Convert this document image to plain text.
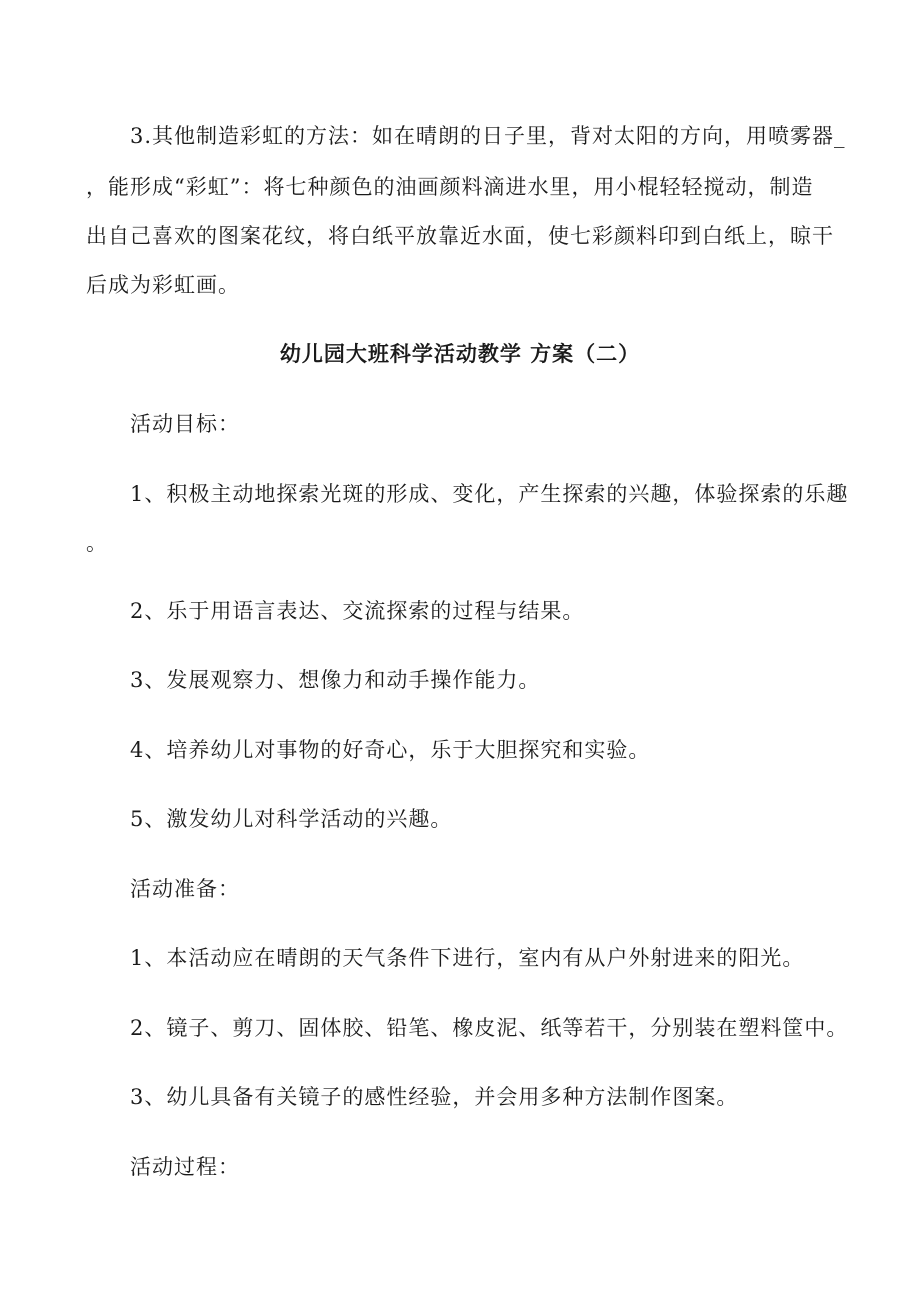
3.其他制造彩虹的方法：如在晴朗的日子里，背对太阳的方向，用喷雾器_
，能形成“彩虹”：将七种颜色的油画颜料滴进水里，用小棍轻轻搅动，制造
出自己喜欢的图案花纹，将白纸平放靠近水面，使七彩颜料印到白纸上，晾干
后成为彩虹画。
幼儿园大班科学活动教学 方案（二）
活动目标：
1、积极主动地探索光斑的形成、变化，产生探索的兴趣，体验探索的乐趣
。
2、乐于用语言表达、交流探索的过程与结果。
3、发展观察力、想像力和动手操作能力。
4、培养幼儿对事物的好奇心，乐于大胆探究和实验。
5、激发幼儿对科学活动的兴趣。
活动准备：
1、本活动应在晴朗的天气条件下进行，室内有从户外射进来的阳光。
2、镜子、剪刀、固体胶、铅笔、橡皮泥、纸等若干，分别装在塑料筐中。
3、幼儿具备有关镜子的感性经验，并会用多种方法制作图案。
活动过程：
